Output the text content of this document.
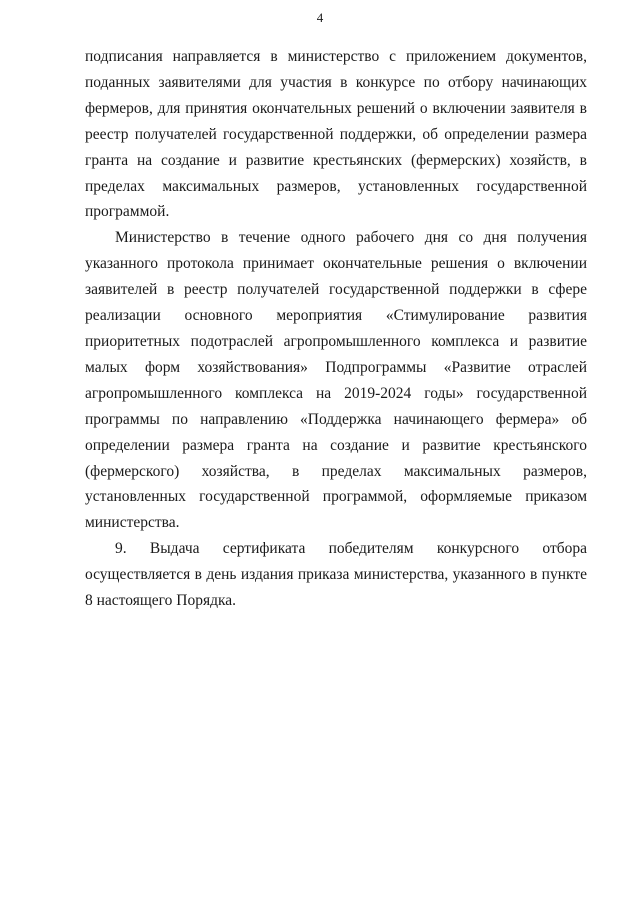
4

подписания направляется в министерство с приложением документов, поданных заявителями для участия в конкурсе по отбору начинающих фермеров, для принятия окончательных решений о включении заявителя в реестр получателей государственной поддержки, об определении размера гранта на создание и развитие крестьянских (фермерских) хозяйств, в пределах максимальных размеров, установленных государственной программой.

Министерство в течение одного рабочего дня со дня получения указанного протокола принимает окончательные решения о включении заявителей в реестр получателей государственной поддержки в сфере реализации основного мероприятия «Стимулирование развития приоритетных подотраслей агропромышленного комплекса и развитие малых форм хозяйствования» Подпрограммы «Развитие отраслей агропромышленного комплекса на 2019-2024 годы» государственной программы по направлению «Поддержка начинающего фермера» об определении размера гранта на создание и развитие крестьянского (фермерского) хозяйства, в пределах максимальных размеров, установленных государственной программой, оформляемые приказом министерства.

9. Выдача сертификата победителям конкурсного отбора осуществляется в день издания приказа министерства, указанного в пункте 8 настоящего Порядка.
